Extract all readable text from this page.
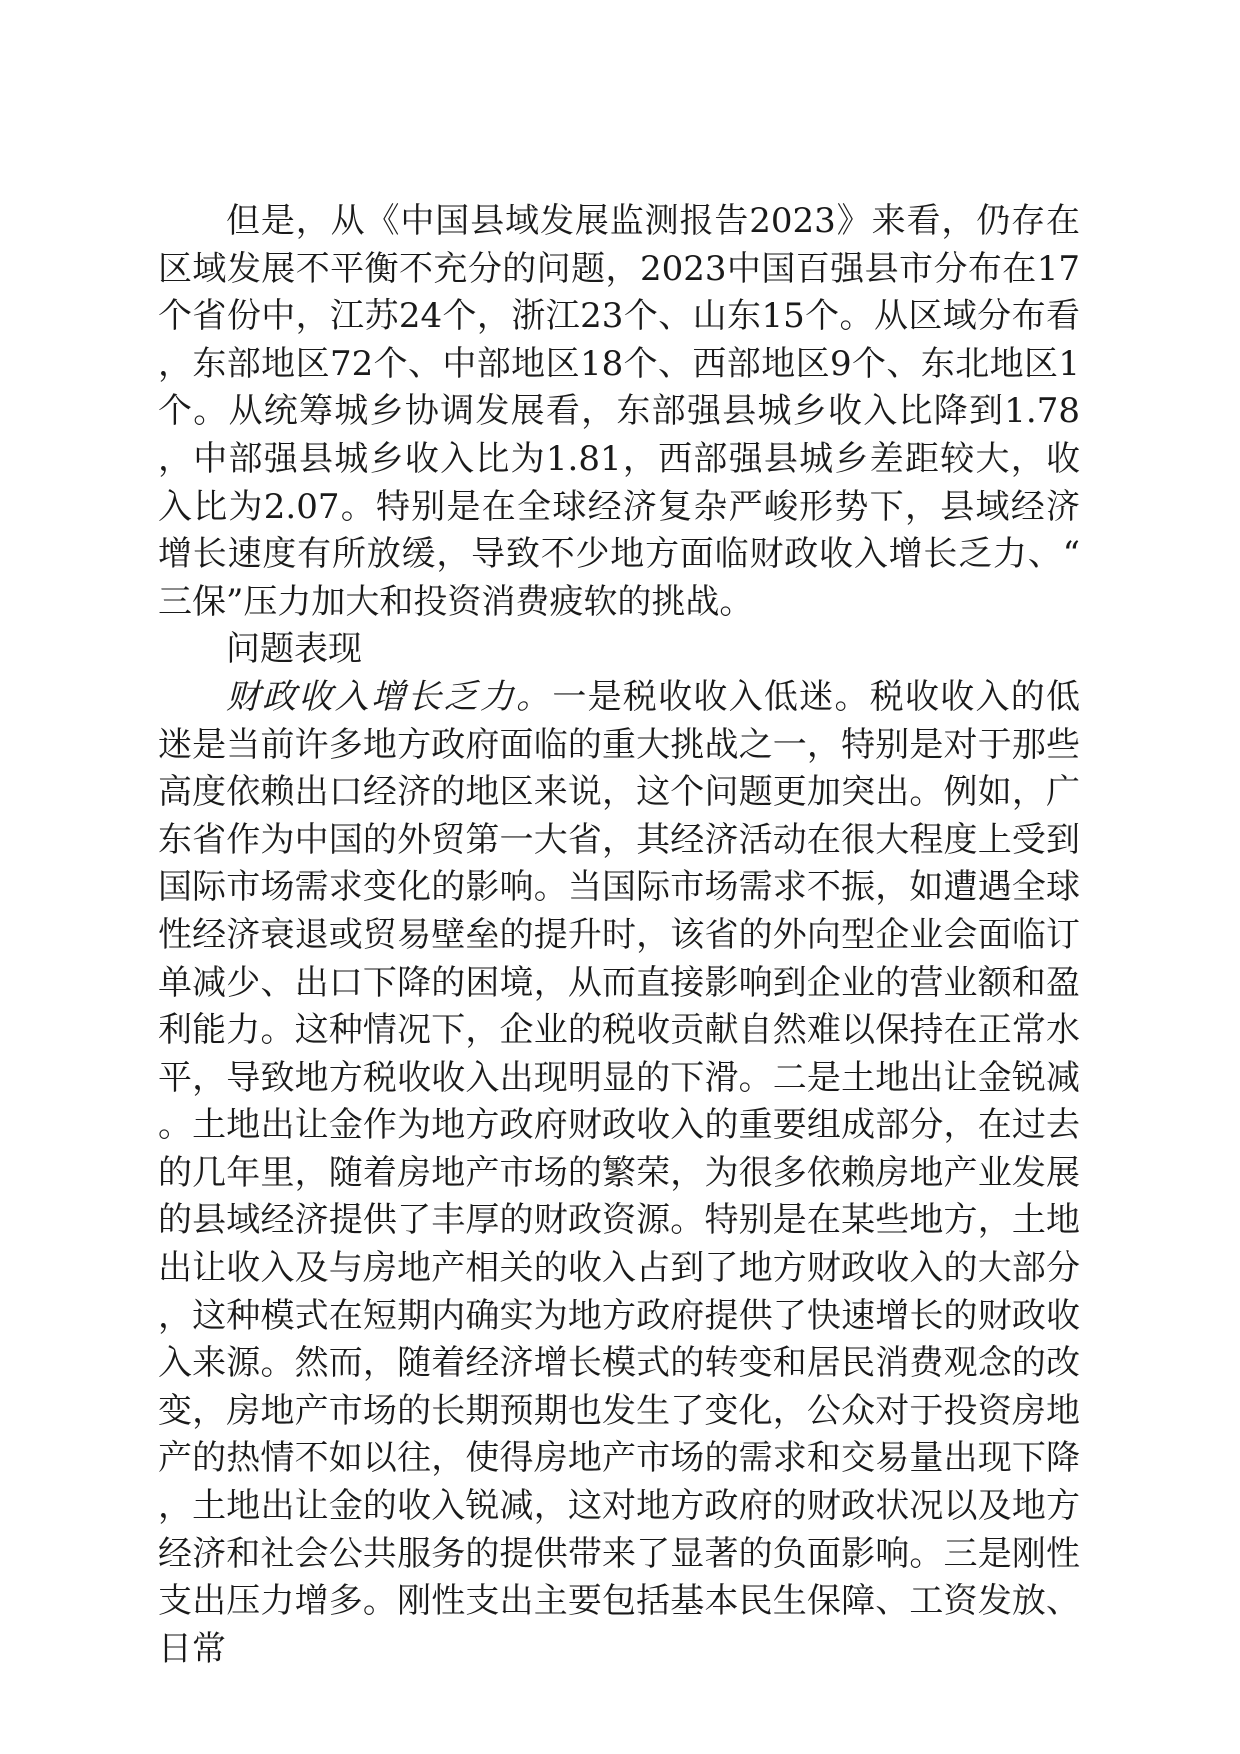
但是，从《中国县域发展监测报告2023》来看，仍存在区域发展不平衡不充分的问题，2023中国百强县市分布在17个省份中，江苏24个，浙江23个、山东15个。从区域分布看，东部地区72个、中部地区18个、西部地区9个、东北地区1个。从统筹城乡协调发展看，东部强县城乡收入比降到1.78，中部强县城乡收入比为1.81，西部强县城乡差距较大，收入比为2.07。特别是在全球经济复杂严峻形势下，县域经济增长速度有所放缓，导致不少地方面临财政收入增长乏力、“三保”压力加大和投资消费疲软的挑战。

问题表现

财政收入增长乏力。一是税收收入低迷。税收收入的低迷是当前许多地方政府面临的重大挑战之一，特别是对于那些高度依赖出口经济的地区来说，这个问题更加突出。例如，广东省作为中国的外贸第一大省，其经济活动在很大程度上受到国际市场需求变化的影响。当国际市场需求不振，如遭遇全球性经济衰退或贸易壁垒的提升时，该省的外向型企业会面临订单减少、出口下降的困境，从而直接影响到企业的营业额和盈利能力。这种情况下，企业的税收贡献自然难以保持在正常水平，导致地方税收收入出现明显的下滑。二是土地出让金锐减。土地出让金作为地方政府财政收入的重要组成部分，在过去的几年里，随着房地产市场的繁荣，为很多依赖房地产业发展的县域经济提供了丰厚的财政资源。特别是在某些地方，土地出让收入及与房地产相关的收入占到了地方财政收入的大部分，这种模式在短期内确实为地方政府提供了快速增长的财政收入来源。然而，随着经济增长模式的转变和居民消费观念的改变，房地产市场的长期预期也发生了变化，公众对于投资房地产的热情不如以往，使得房地产市场的需求和交易量出现下降，土地出让金的收入锐减，这对地方政府的财政状况以及地方经济和社会公共服务的提供带来了显著的负面影响。三是刚性支出压力增多。刚性支出主要包括基本民生保障、工资发放、日常
